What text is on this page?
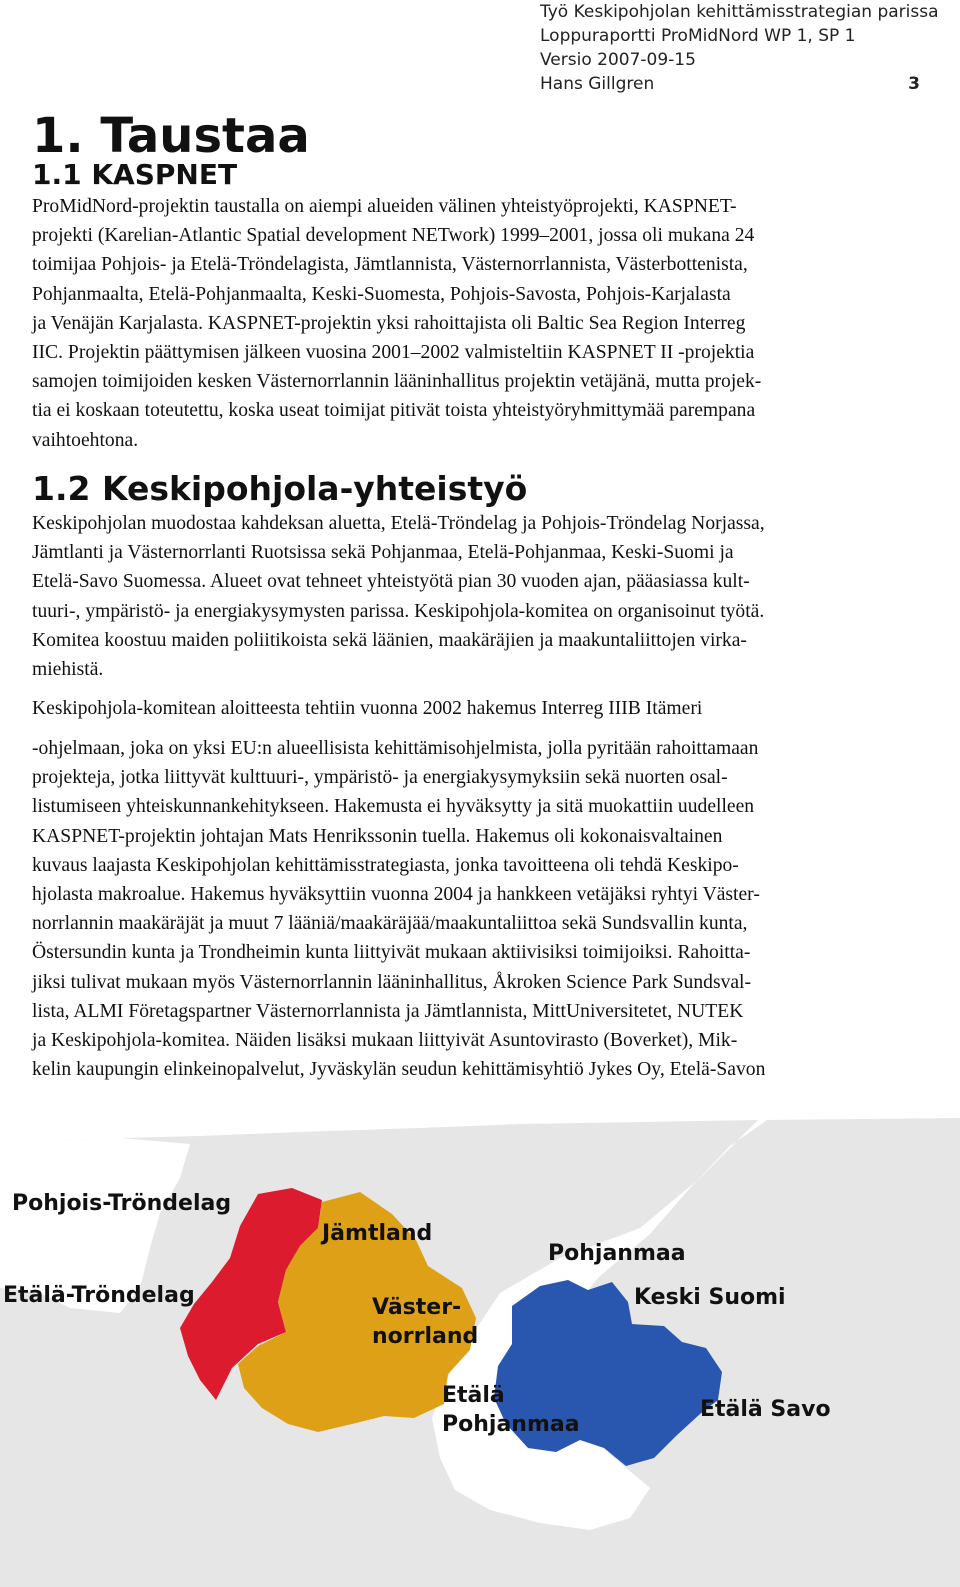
Työ Keskipohjolan kehittämisstrategian parissa
Loppuraportti ProMidNord WP 1, SP 1
Versio 2007-09-15
Hans Gillgren	3
1. Taustaa
1.1 KASPNET
ProMidNord-projektin taustalla on aiempi alueiden välinen yhteistyöprojekti, KASPNET-
projekti (Karelian-Atlantic Spatial development NETwork) 1999–2001, jossa oli mukana 24
toimijaa Pohjois- ja Etelä-Tröndelagista, Jämtlannista, Västernorrlannista, Västerbottenista,
Pohjanmaalta, Etelä-Pohjanmaalta, Keski-Suomesta, Pohjois-Savosta, Pohjois-Karjalasta
ja Venäjän Karjalasta. KASPNET-projektin yksi rahoittajista oli Baltic Sea Region Interreg
IIC. Projektin päättymisen jälkeen vuosina 2001–2002 valmisteltiin KASPNET II -projektia
samojen toimijoiden kesken Västernorrlannin lääninhallitus projektin vetäjänä, mutta projek-
tia ei koskaan toteutettu, koska useat toimijat pitivät toista yhteistyöryhmittymää parempana
vaihtoehtona.
1.2 Keskipohjola-yhteistyö
Keskipohjolan muodostaa kahdeksan aluetta, Etelä-Tröndelag ja Pohjois-Tröndelag Norjassa,
Jämtlanti ja Västernorrlanti Ruotsissa sekä Pohjanmaa, Etelä-Pohjanmaa, Keski-Suomi ja
Etelä-Savo Suomessa. Alueet ovat tehneet yhteistyötä pian 30 vuoden ajan, pääasiassa kult-
tuuri-, ympäristö- ja energiakysymysten parissa. Keskipohjola-komitea on organisoinut työtä.
Komitea koostuu maiden poliitikoista sekä läänien, maakäräjien ja maakuntaliittojen virka-
miehistä.
Keskipohjola-komitean aloitteesta tehtiin vuonna 2002 hakemus Interreg IIIB Itämeri
-ohjelmaan, joka on yksi EU:n alueellisista kehittämisohjelmista, jolla pyritään rahoittamaan
projekteja, jotka liittyvät kulttuuri-, ympäristö- ja energiakysymyksiin sekä nuorten osal-
listumiseen yhteiskunnankehitykseen. Hakemusta ei hyväksytty ja sitä muokattiin uudelleen
KASPNET-projektin johtajan Mats Henrikssonin tuella. Hakemus oli kokonaisvaltainen
kuvaus laajasta Keskipohjolan kehittämisstrategiasta, jonka tavoitteena oli tehdä Keskipo-
hjolasta makroalue. Hakemus hyväksyttiin vuonna 2004 ja hankkeen vetäjäksi ryhtyi Väster-
norrlannin maakäräjät ja muut 7 lääniä/maakäräjää/maakuntaliittoa sekä Sundsvallin kunta,
Östersundin kunta ja Trondheimin kunta liittyivät mukaan aktiivisiksi toimijoiksi. Rahoitta-
jiksi tulivat mukaan myös Västernorrlannin lääninhallitus, Åkroken Science Park Sundsval-
lista, ALMI Företagspartner Västernorrlannista ja Jämtlannista, MittUniversitetet, NUTEK
ja Keskipohjola-komitea. Näiden lisäksi mukaan liittyivät Asuntovirasto (Boverket), Mik-
kelin kaupungin elinkeinopalvelut, Jyväskylän seudun kehittämisyhtiö Jykes Oy, Etelä-Savon
Pohjois-Tröndelag
Jämtland
Etälä-Tröndelag	Väster-
norrland
Pohjanmaa
Keski Suomi
Etälä
Pohjanmaa
Etälä Savo
